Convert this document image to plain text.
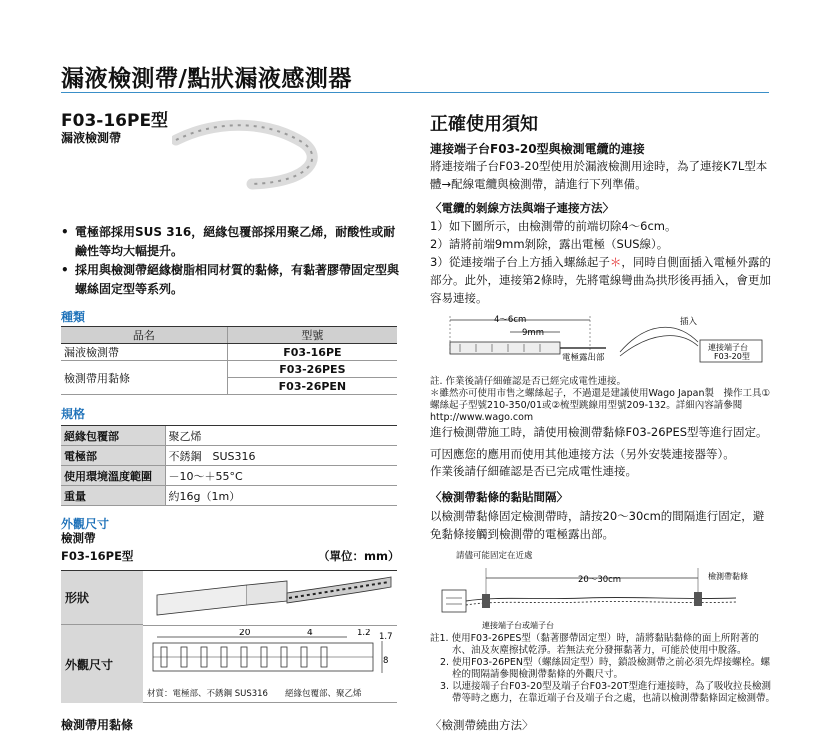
漏液檢測帶/點狀漏液感測器
F03-16PE型
漏液檢測帶
• 電極部採用SUS 316，絕緣包覆部採用聚乙烯，耐酸性或耐鹼性等均大幅提升。
• 採用與檢測帶絕緣樹脂相同材質的黏條，有黏著膠帶固定型與螺絲固定型等系列。
種類
品名	型號
漏液檢測帶	F03-16PE
檢測帶用黏條	F03-26PES
	F03-26PEN
規格
絕緣包覆部	聚乙烯
電極部	不銹鋼　SUS316
使用環境溫度範圍	－10～＋55°C
重量	約16g（1m）
外觀尺寸
檢測帶
F03-16PE型	（單位：mm）
形狀
外觀尺寸
20	4	1.2 1.7
8
材質：電極部、不銹鋼 SUS316　　絕緣包覆部、聚乙烯
檢測帶用黏條
正確使用須知
連接端子台F03-20型與檢測電纜的連接
將連接端子台F03-20型使用於漏液檢測用途時，為了連接K7L型本體→配線電纜與檢測帶，請進行下列準備。
〈電纜的剝線方法與端子連接方法〉
1）如下圖所示，由檢測帶的前端切除4～6cm。
2）請將前端9mm剝除，露出電極（SUS線）。
3）從連接端子台上方插入螺絲起子＊，同時自側面插入電極外露的部分。此外，連接第2條時，先將電線彎曲為拱形後再插入，會更加容易連接。
4～6cm
9mm
電極露出部
插入
連接端子台
F03-20型
註. 作業後請仔細確認是否已經完成電性連接。
＊雖然亦可使用市售之螺絲起子，不過還是建議使用Wago Japan製　操作工具①螺絲起子型號210-350/01或②梳型跳線用型號209-132。詳細內容請參閱http://www.wago.com
進行檢測帶施工時，請使用檢測帶黏條F03-26PES型等進行固定。
可因應您的應用而使用其他連接方法（另外安裝連接器等）。
作業後請仔細確認是否已完成電性連接。
〈檢測帶黏條的黏貼間隔〉
以檢測帶黏條固定檢測帶時，請按20～30cm的間隔進行固定，避免黏條接觸到檢測帶的電極露出部。
請儘可能固定在近處
20～30cm	檢測帶黏條
連接端子台或端子台
註1. 使用F03-26PES型（黏著膠帶固定型）時，請將黏貼黏條的面上所附著的水、油及灰塵擦拭乾淨。若無法充分發揮黏著力，可能於使用中脫落。
2. 使用F03-26PEN型（螺絲固定型）時，鎖設檢測帶之前必須先焊接螺栓。螺栓的間隔請參閱檢測帶黏條的外觀尺寸。
3. 以連接端子台F03-20型及端子台F03-20T型進行連接時，為了吸收拉長檢測帶等時之應力，在靠近端子台及端子台之處，也請以檢測帶黏條固定檢測帶。
〈檢測帶繞曲方法〉
